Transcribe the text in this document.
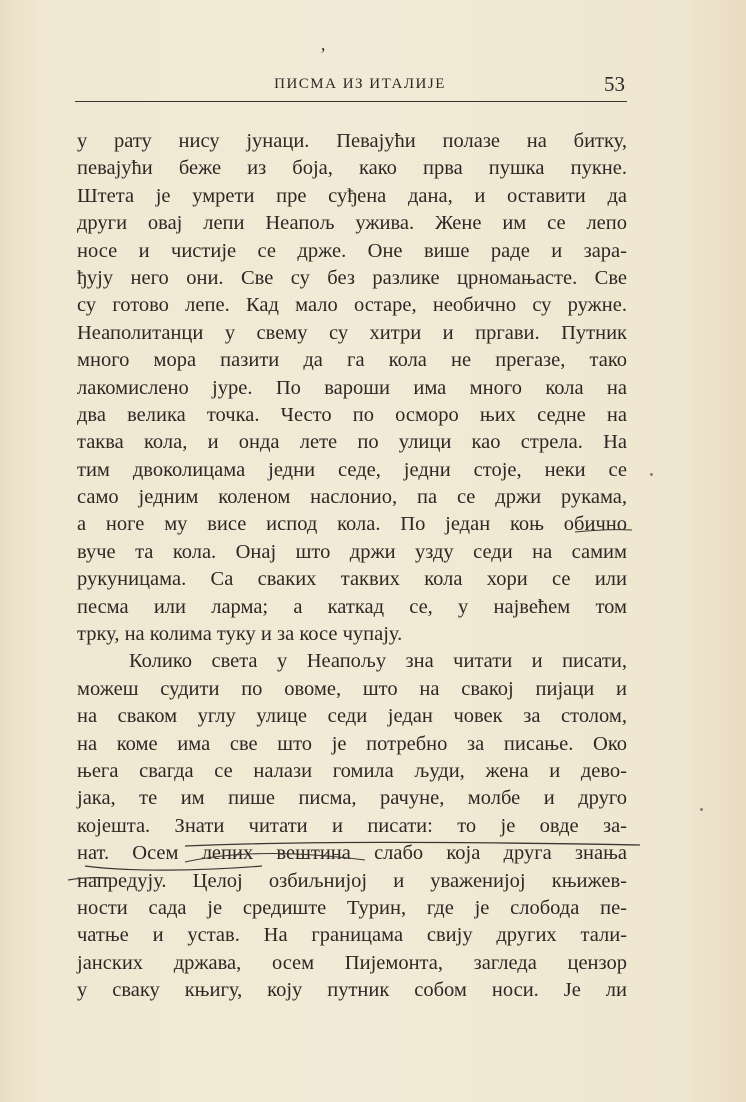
ʼ
ПИСМА ИЗ ИТАЛИЈЕ	53
у рату нису јунаци. Певајући полазе на битку,
певајући беже из боја, како прва пушка пукне.
Штета је умрети пре суђена дана, и оставити да
други овај лепи Неапољ ужива. Жене им се лепо
носе и чистије се држе. Оне више раде и зара-
ђују него они. Све су без разлике црномањасте. Све
су готово лепе. Кад мало остаре, необично су ружне.
Неаполитанци у свему су хитри и пргави. Путник
много мора пазити да га кола не прегазе, тако
лакомислено јуре. По вароши има много кола на
два велика точка. Често по осморо њих седне на
таква кола, и онда лете по улици као стрела. На
тим двоколицама једни седе, једни стоје, неки се
само једним коленом наслонио, па се држи рукама,
а ноге му висе испод кола. По један коњ обично
вуче та кола. Онај што држи узду седи на самим
рукуницама. Са сваких таквих кола хори се или
песма или ларма; а каткад се, у највећем том
трку, на колима туку и за косе чупају.
Колико света у Неапољу зна читати и писати,
можеш судити по овоме, што на свакој пијаци и
на сваком углу улице седи један човек за столом,
на коме има све што је потребно за писање. Око
њега свагда се налази гомила људи, жена и дево-
јака, те им пише писма, рачуне, молбе и друго
којешта. Знати читати и писати: то је овде за-
нат. Осем лепих вештина слабо која друга знања
напредују. Целој озбиљнијој и уваженијој књижев-
ности сада је средиште Турин, где је слобода пе-
чатње и устав. На границама свију других тали-
јанских држава, осем Пијемонта, загледа цензор
у сваку књигу, коју путник собом носи. Је ли
